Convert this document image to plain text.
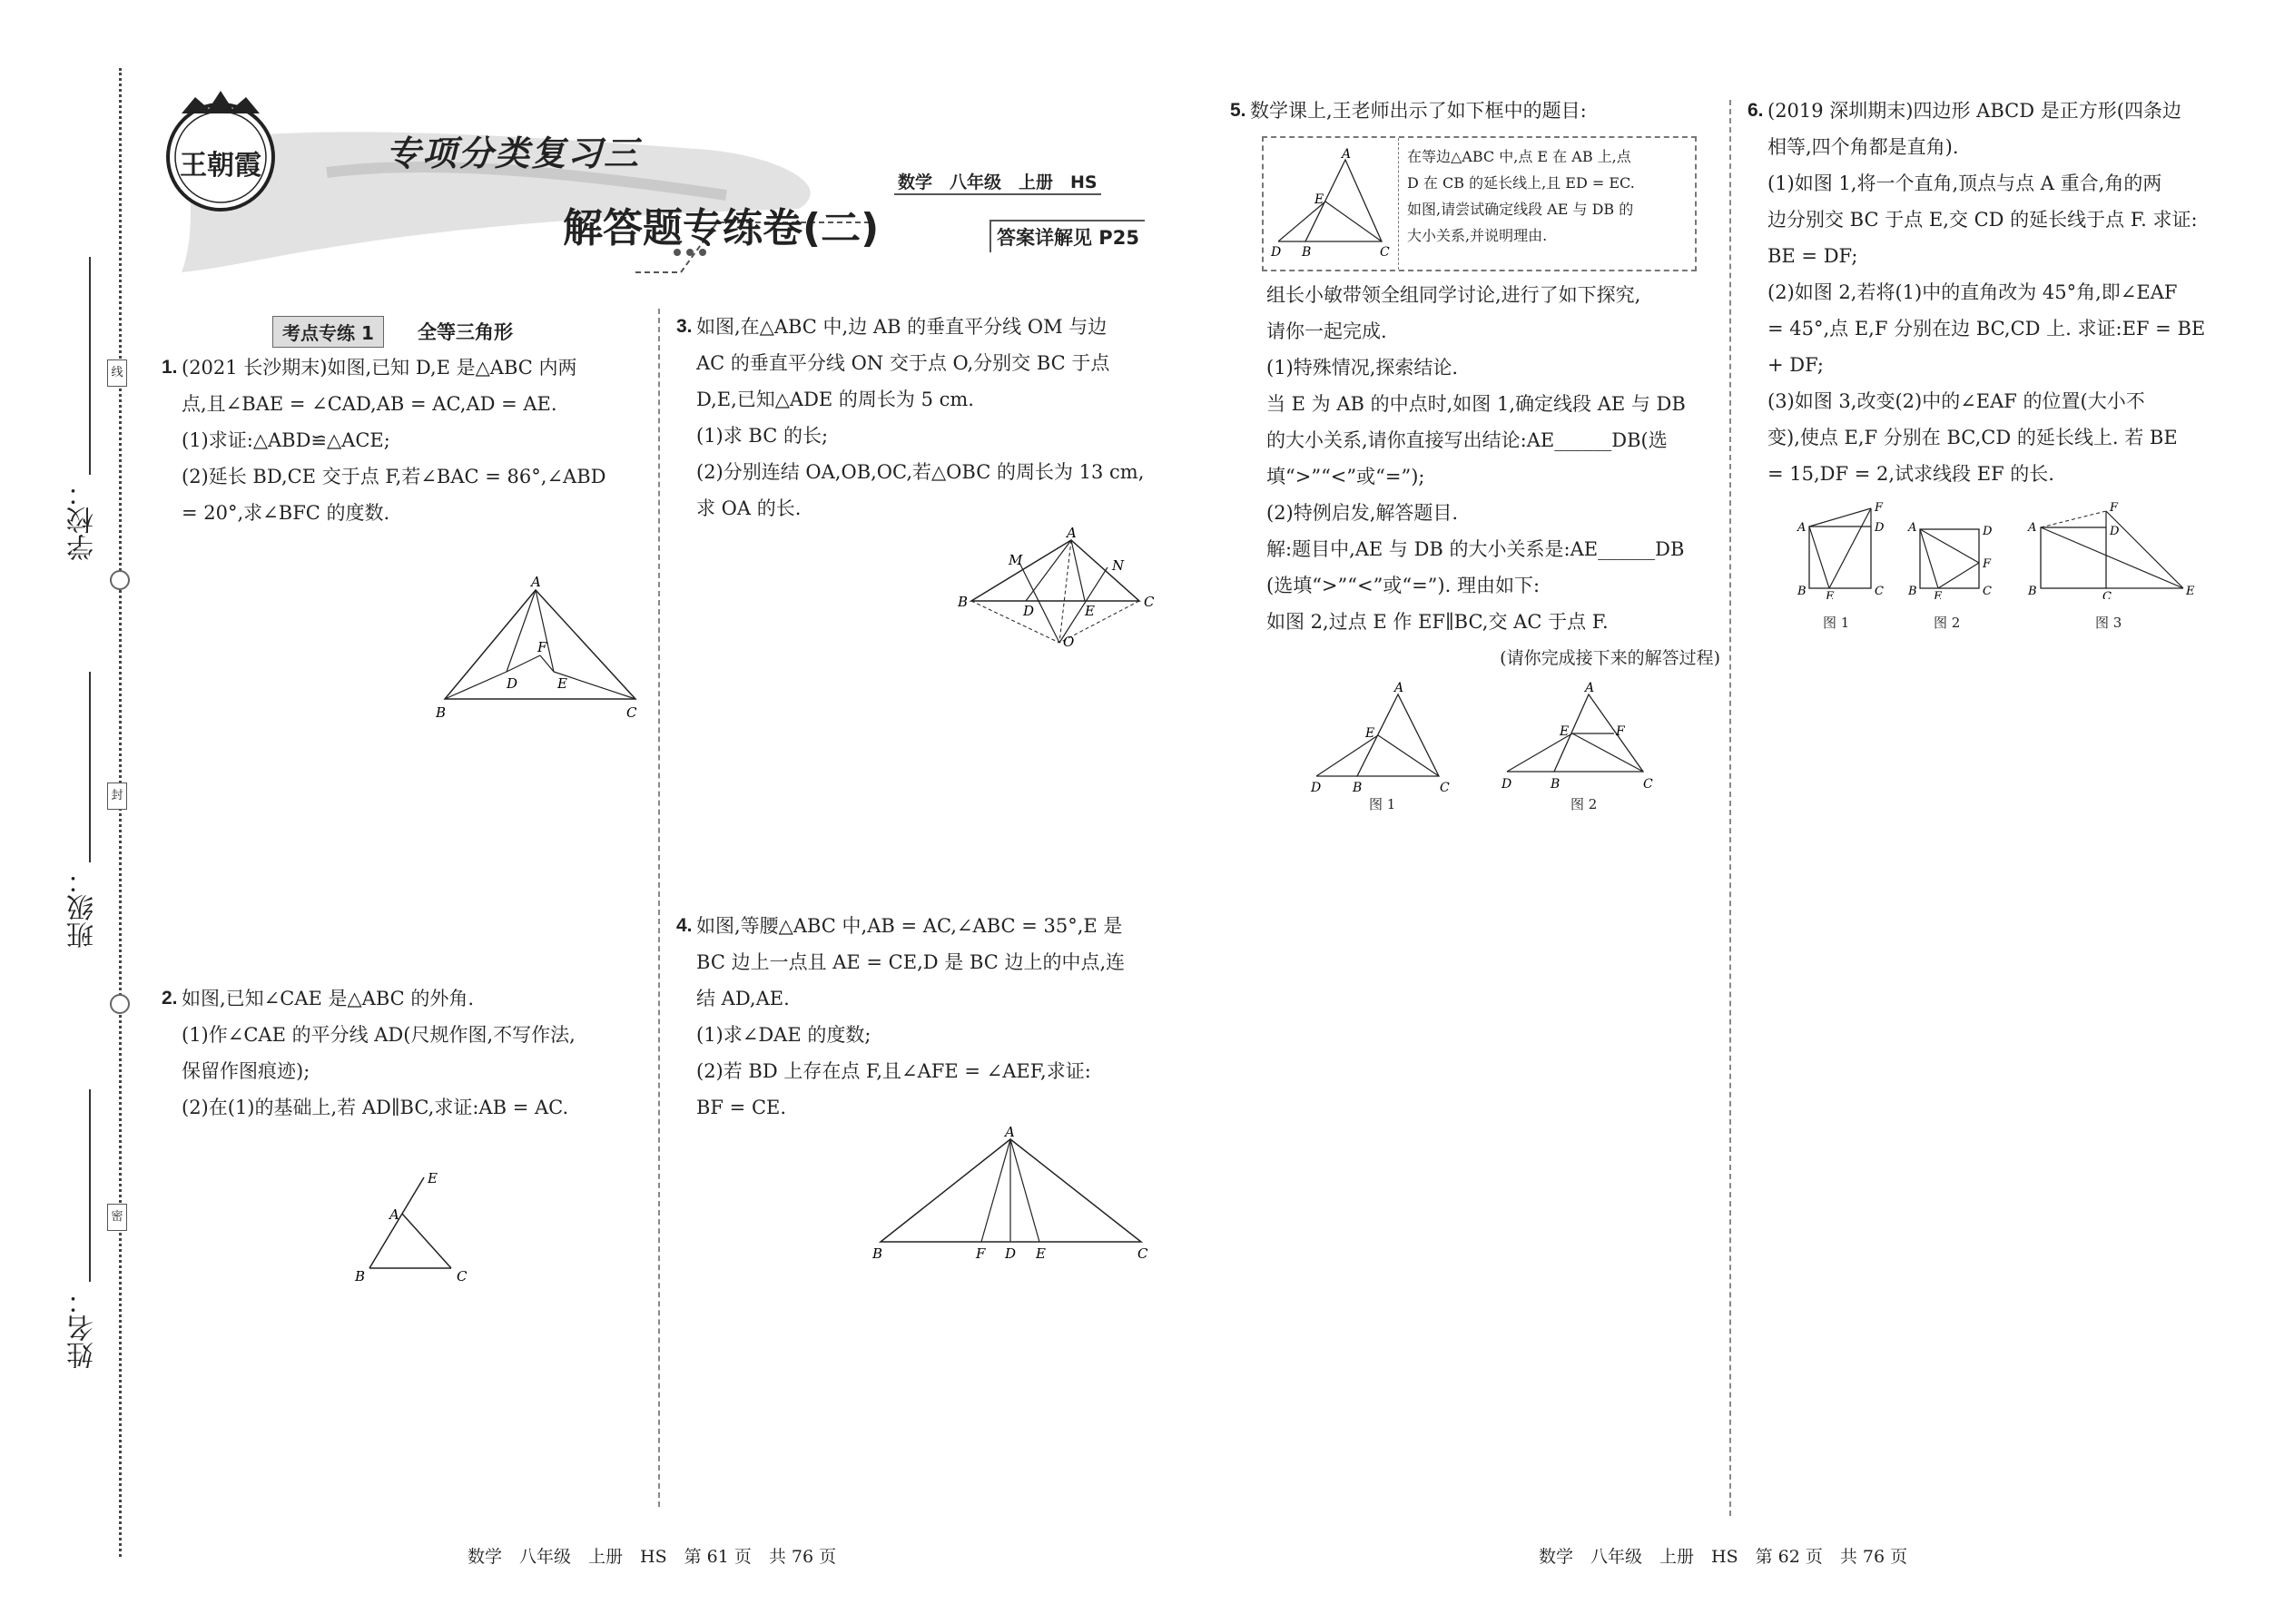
线
封
密
学校：
班级：
姓名：
王朝霞	专项分类复习三
数学　八年级　上册　HS
解答题专练卷(二)	答案详解见 P25
考点专练 1	全等三角形
1. (2021 长沙期末)如图,已知 D,E 是△ABC 内两

点,且∠BAE = ∠CAD,AB = AC,AD = AE.

(1)求证:△ABD≌△ACE;

(2)延长 BD,CE 交于点 F,若∠BAC = 86°,∠ABD

= 20°,求∠BFC 的度数.

A
B	C
D	E
F
2. 如图,已知∠CAE 是△ABC 的外角.

(1)作∠CAE 的平分线 AD(尺规作图,不写作法,

保留作图痕迹);

(2)在(1)的基础上,若 AD∥BC,求证:AB = AC.

E
A
B	C
3. 如图,在△ABC 中,边 AB 的垂直平分线 OM 与边

AC 的垂直平分线 ON 交于点 O,分别交 BC 于点

D,E,已知△ADE 的周长为 5 cm.

(1)求 BC 的长;

(2)分别连结 OA,OB,OC,若△OBC 的周长为 13 cm,

求 OA 的长.

A
B	C
D	E
M	N
O
4. 如图,等腰△ABC 中,AB = AC,∠ABC = 35°,E 是

BC 边上一点且 AE = CE,D 是 BC 边上的中点,连

结 AD,AE.

(1)求∠DAE 的度数;

(2)若 BD 上存在点 F,且∠AFE = ∠AEF,求证:

BF = CE.

A
B	C
F D E
5. 数学课上,王老师出示了如下框中的题目:

A
E
D B	C
在等边△ABC 中,点 E 在 AB 上,点
D 在 CB 的延长线上,且 ED = EC.
如图,请尝试确定线段 AE 与 DB 的
大小关系,并说明理由.

组长小敏带领全组同学讨论,进行了如下探究,

请你一起完成.

(1)特殊情况,探索结论.

当 E 为 AB 的中点时,如图 1,确定线段 AE 与 DB

的大小关系,请你直接写出结论:AE______DB(选

填“>”“<”或“=”);

(2)特例启发,解答题目.

解:题目中,AE 与 DB 的大小关系是:AE______DB

(选填“>”“<”或“=”). 理由如下:

如图 2,过点 E 作 EF∥BC,交 AC 于点 F.

(请你完成接下来的解答过程)

A
E
D B	C
图 1
A
E	F
D	B	C
图 2
6. (2019 深圳期末)四边形 ABCD 是正方形(四条边

相等,四个角都是直角).

(1)如图 1,将一个直角,顶点与点 A 重合,角的两

边分别交 BC 于点 E,交 CD 的延长线于点 F. 求证:

BE = DF;

(2)如图 2,若将(1)中的直角改为 45°角,即∠EAF

= 45°,点 E,F 分别在边 BC,CD 上. 求证:EF = BE

+ DF;

(3)如图 3,改变(2)中的∠EAF 的位置(大小不

变),使点 E,F 分别在 BC,CD 的延长线上. 若 BE

= 15,DF = 2,试求线段 EF 的长.

F
A	D
B E	C
图 1
A	D
F
B E	C
图 2
F
A	D
B	C	E
图 3
数学　八年级　上册　HS　第 61 页　共 76 页	数学　八年级　上册　HS　第 62 页　共 76 页
